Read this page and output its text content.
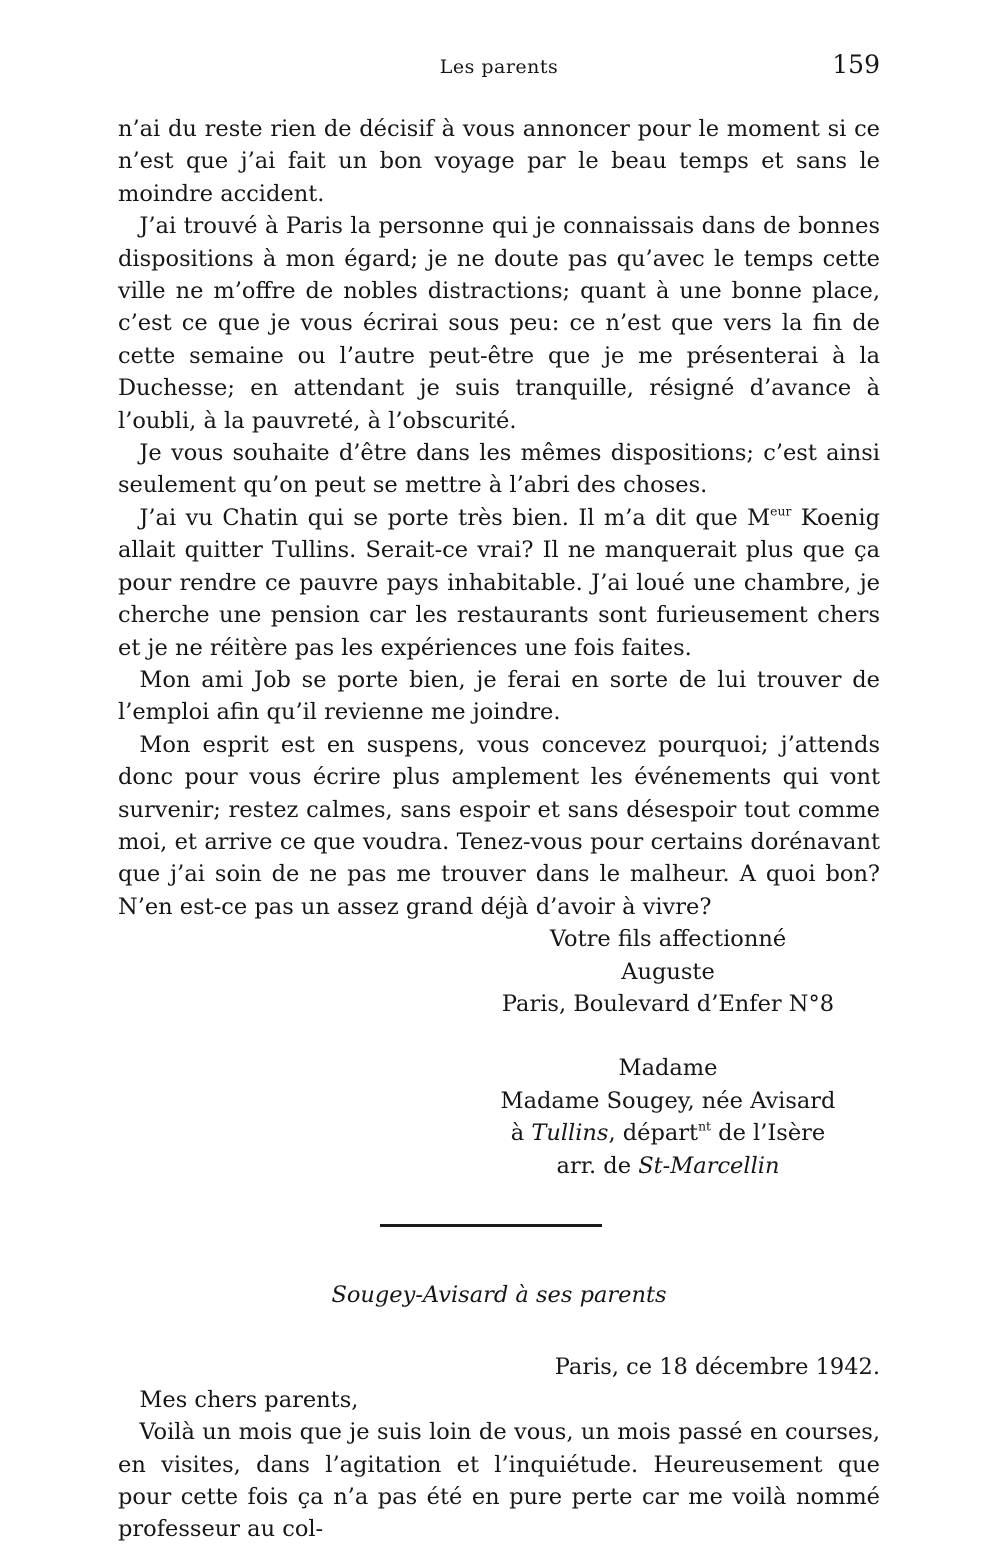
Les parents	159

n’ai du reste rien de décisif à vous annoncer pour le moment si ce n’est que j’ai fait un bon voyage par le beau temps et sans le moindre accident.

J’ai trouvé à Paris la personne qui je connaissais dans de bonnes dispositions à mon égard; je ne doute pas qu’avec le temps cette ville ne m’offre de nobles distractions; quant à une bonne place, c’est ce que je vous écrirai sous peu: ce n’est que vers la fin de cette semaine ou l’autre peut-être que je me présenterai à la Duchesse; en attendant je suis tranquille, résigné d’avance à l’oubli, à la pauvreté, à l’obscurité.

Je vous souhaite d’être dans les mêmes dispositions; c’est ainsi seulement qu’on peut se mettre à l’abri des choses.

J’ai vu Chatin qui se porte très bien. Il m’a dit que $M^{eur}$ Koenig allait quitter Tullins. Serait-ce vrai? Il ne manquerait plus que ça pour rendre ce pauvre pays inhabitable. J’ai loué une chambre, je cherche une pension car les restaurants sont furieusement chers et je ne réitère pas les expériences une fois faites.

Mon ami Job se porte bien, je ferai en sorte de lui trouver de l’emploi afin qu’il revienne me joindre.

Mon esprit est en suspens, vous concevez pourquoi; j’attends donc pour vous écrire plus amplement les événements qui vont survenir; restez calmes, sans espoir et sans désespoir tout comme moi, et arrive ce que voudra. Tenez-vous pour certains dorénavant que j’ai soin de ne pas me trouver dans le malheur. A quoi bon? N’en est-ce pas un assez grand déjà d’avoir à vivre?

Votre fils affectionné
Auguste
Paris, Boulevard d’Enfer N°8
Madame
Madame Sougey, née Avisard
à Tullins, départ$^{nt}$ de l’Isère
arr. de St-Marcellin
Sougey-Avisard à ses parents
Paris, ce 18 décembre 1942.

Mes chers parents,

Voilà un mois que je suis loin de vous, un mois passé en courses, en visites, dans l’agitation et l’inquiétude. Heureusement que pour cette fois ça n’a pas été en pure perte car me voilà nommé professeur au col-
